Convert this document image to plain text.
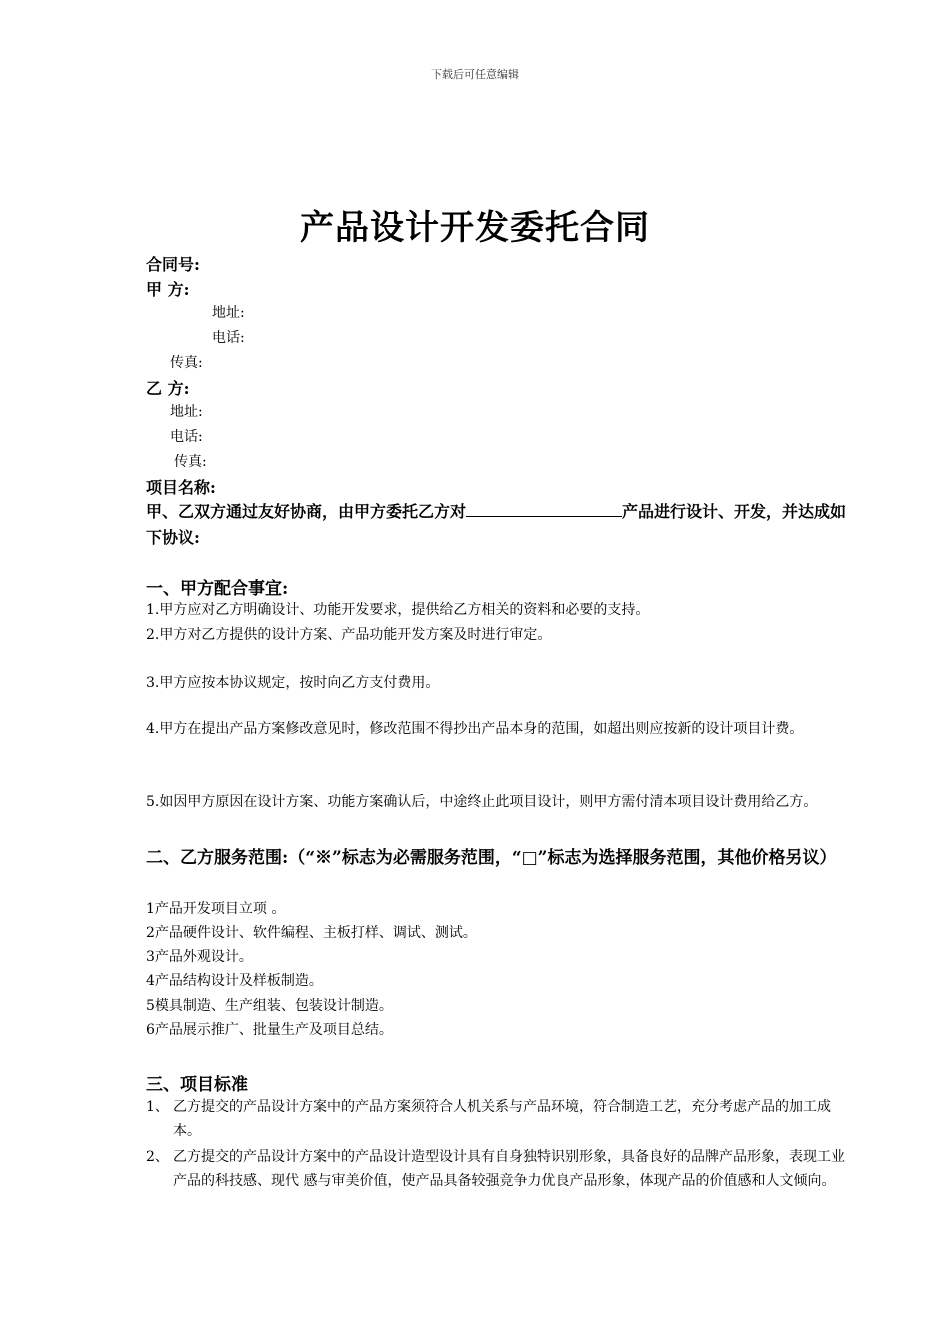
下载后可任意编辑
产品设计开发委托合同
合同号:
甲 方:
地址:
电话:
传真:
乙 方:
地址:
电话:
传真:
项目名称:
甲、乙双方通过友好协商，由甲方委托乙方对	产品进行设计、开发，并达成如下协议:
一、甲方配合事宜:
1.甲方应对乙方明确设计、功能开发要求，提供给乙方相关的资料和必要的支持。
2.甲方对乙方提供的设计方案、产品功能开发方案及时进行审定。
3.甲方应按本协议规定，按时向乙方支付费用。
4.甲方在提出产品方案修改意见时，修改范围不得抄出产品本身的范围，如超出则应按新的设计项目计费。
5.如因甲方原因在设计方案、功能方案确认后，中途终止此项目设计，则甲方需付清本项目设计费用给乙方。
二、乙方服务范围:（“※”标志为必需服务范围，“□”标志为选择服务范围，其他价格另议）
1产品开发项目立项 。
2产品硬件设计、软件编程、主板打样、调试、测试。
3产品外观设计。
4产品结构设计及样板制造。
5模具制造、生产组装、包装设计制造。
6产品展示推广、批量生产及项目总结。
三、项目标准
1、 乙方提交的产品设计方案中的产品方案须符合人机关系与产品环境，符合制造工艺，充分考虑产品的加工成本。
2、 乙方提交的产品设计方案中的产品设计造型设计具有自身独特识别形象，具备良好的品牌产品形象，表现工业产品的科技感、现代 感与审美价值，使产品具备较强竞争力优良产品形象，体现产品的价值感和人文倾向。
